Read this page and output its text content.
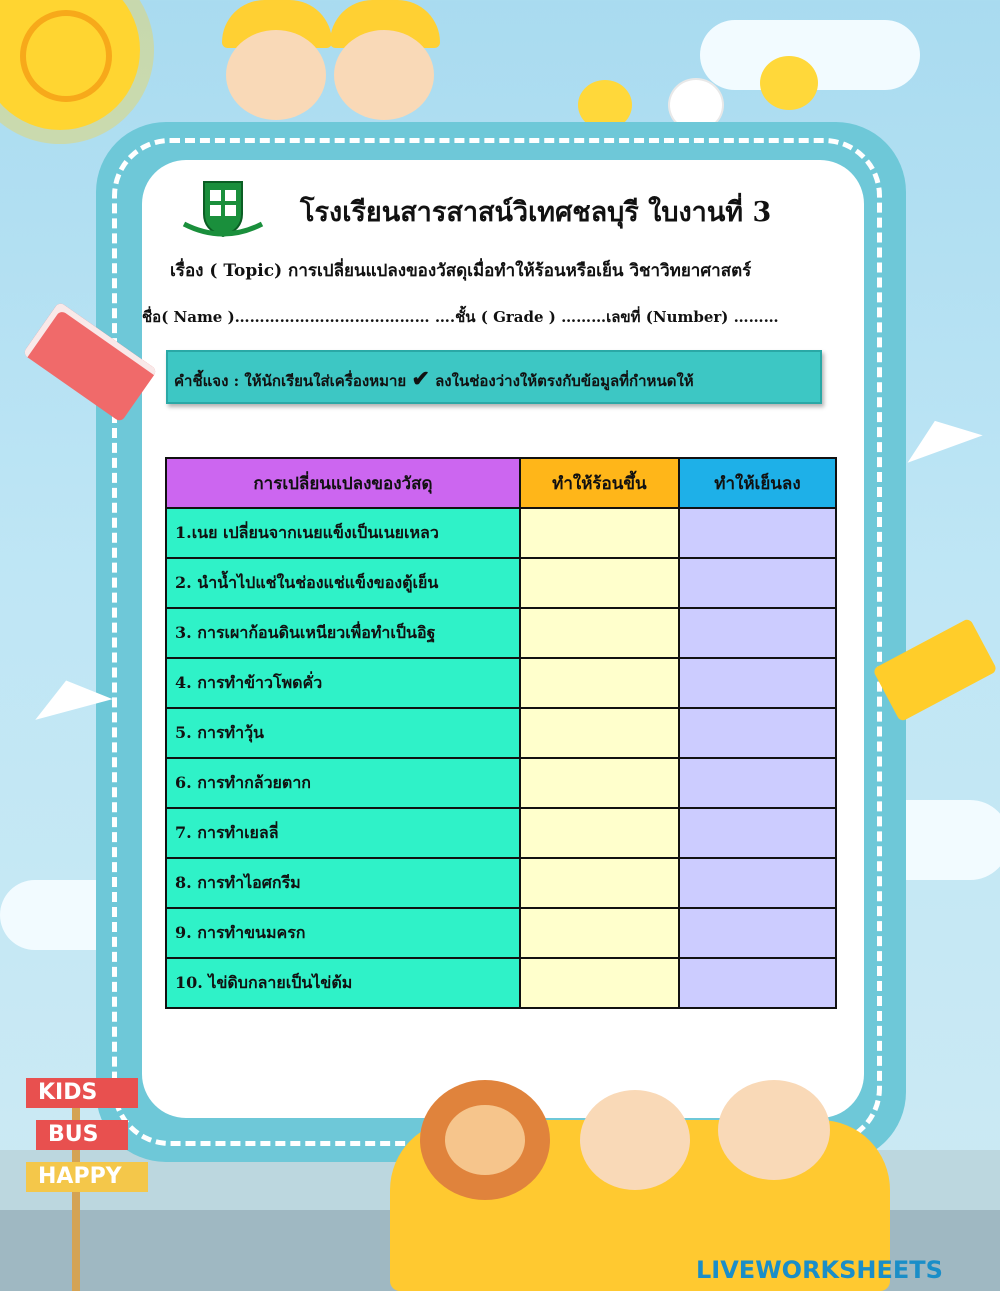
KIDS
BUS
HAPPY
โรงเรียนสารสาสน์วิเทศชลบุรี ใบงานที่ 3
เรื่อง ( Topic) การเปลี่ยนแปลงของวัสดุเมื่อทำให้ร้อนหรือเย็น วิชาวิทยาศาสตร์
ชื่อ( Name )………………………………… ….ชั้น ( Grade ) ………เลขที่ (Number) ………
คำชี้แจง : ให้นักเรียนใส่เครื่องหมาย ✔ ลงในช่องว่างให้ตรงกับข้อมูลที่กำหนดให้
การเปลี่ยนแปลงของวัสดุ	ทำให้ร้อนขึ้น	ทำให้เย็นลง
1.เนย เปลี่ยนจากเนยแข็งเป็นเนยเหลว		
2. นำน้ำไปแช่ในช่องแช่แข็งของตู้เย็น		
3. การเผาก้อนดินเหนียวเพื่อทำเป็นอิฐ		
4. การทำข้าวโพดคั่ว		
5. การทำวุ้น		
6. การทำกล้วยตาก		
7. การทำเยลลี่		
8. การทำไอศกรีม		
9. การทำขนมครก		
10. ไข่ดิบกลายเป็นไข่ต้ม		
LIVEWORKSHEETS
